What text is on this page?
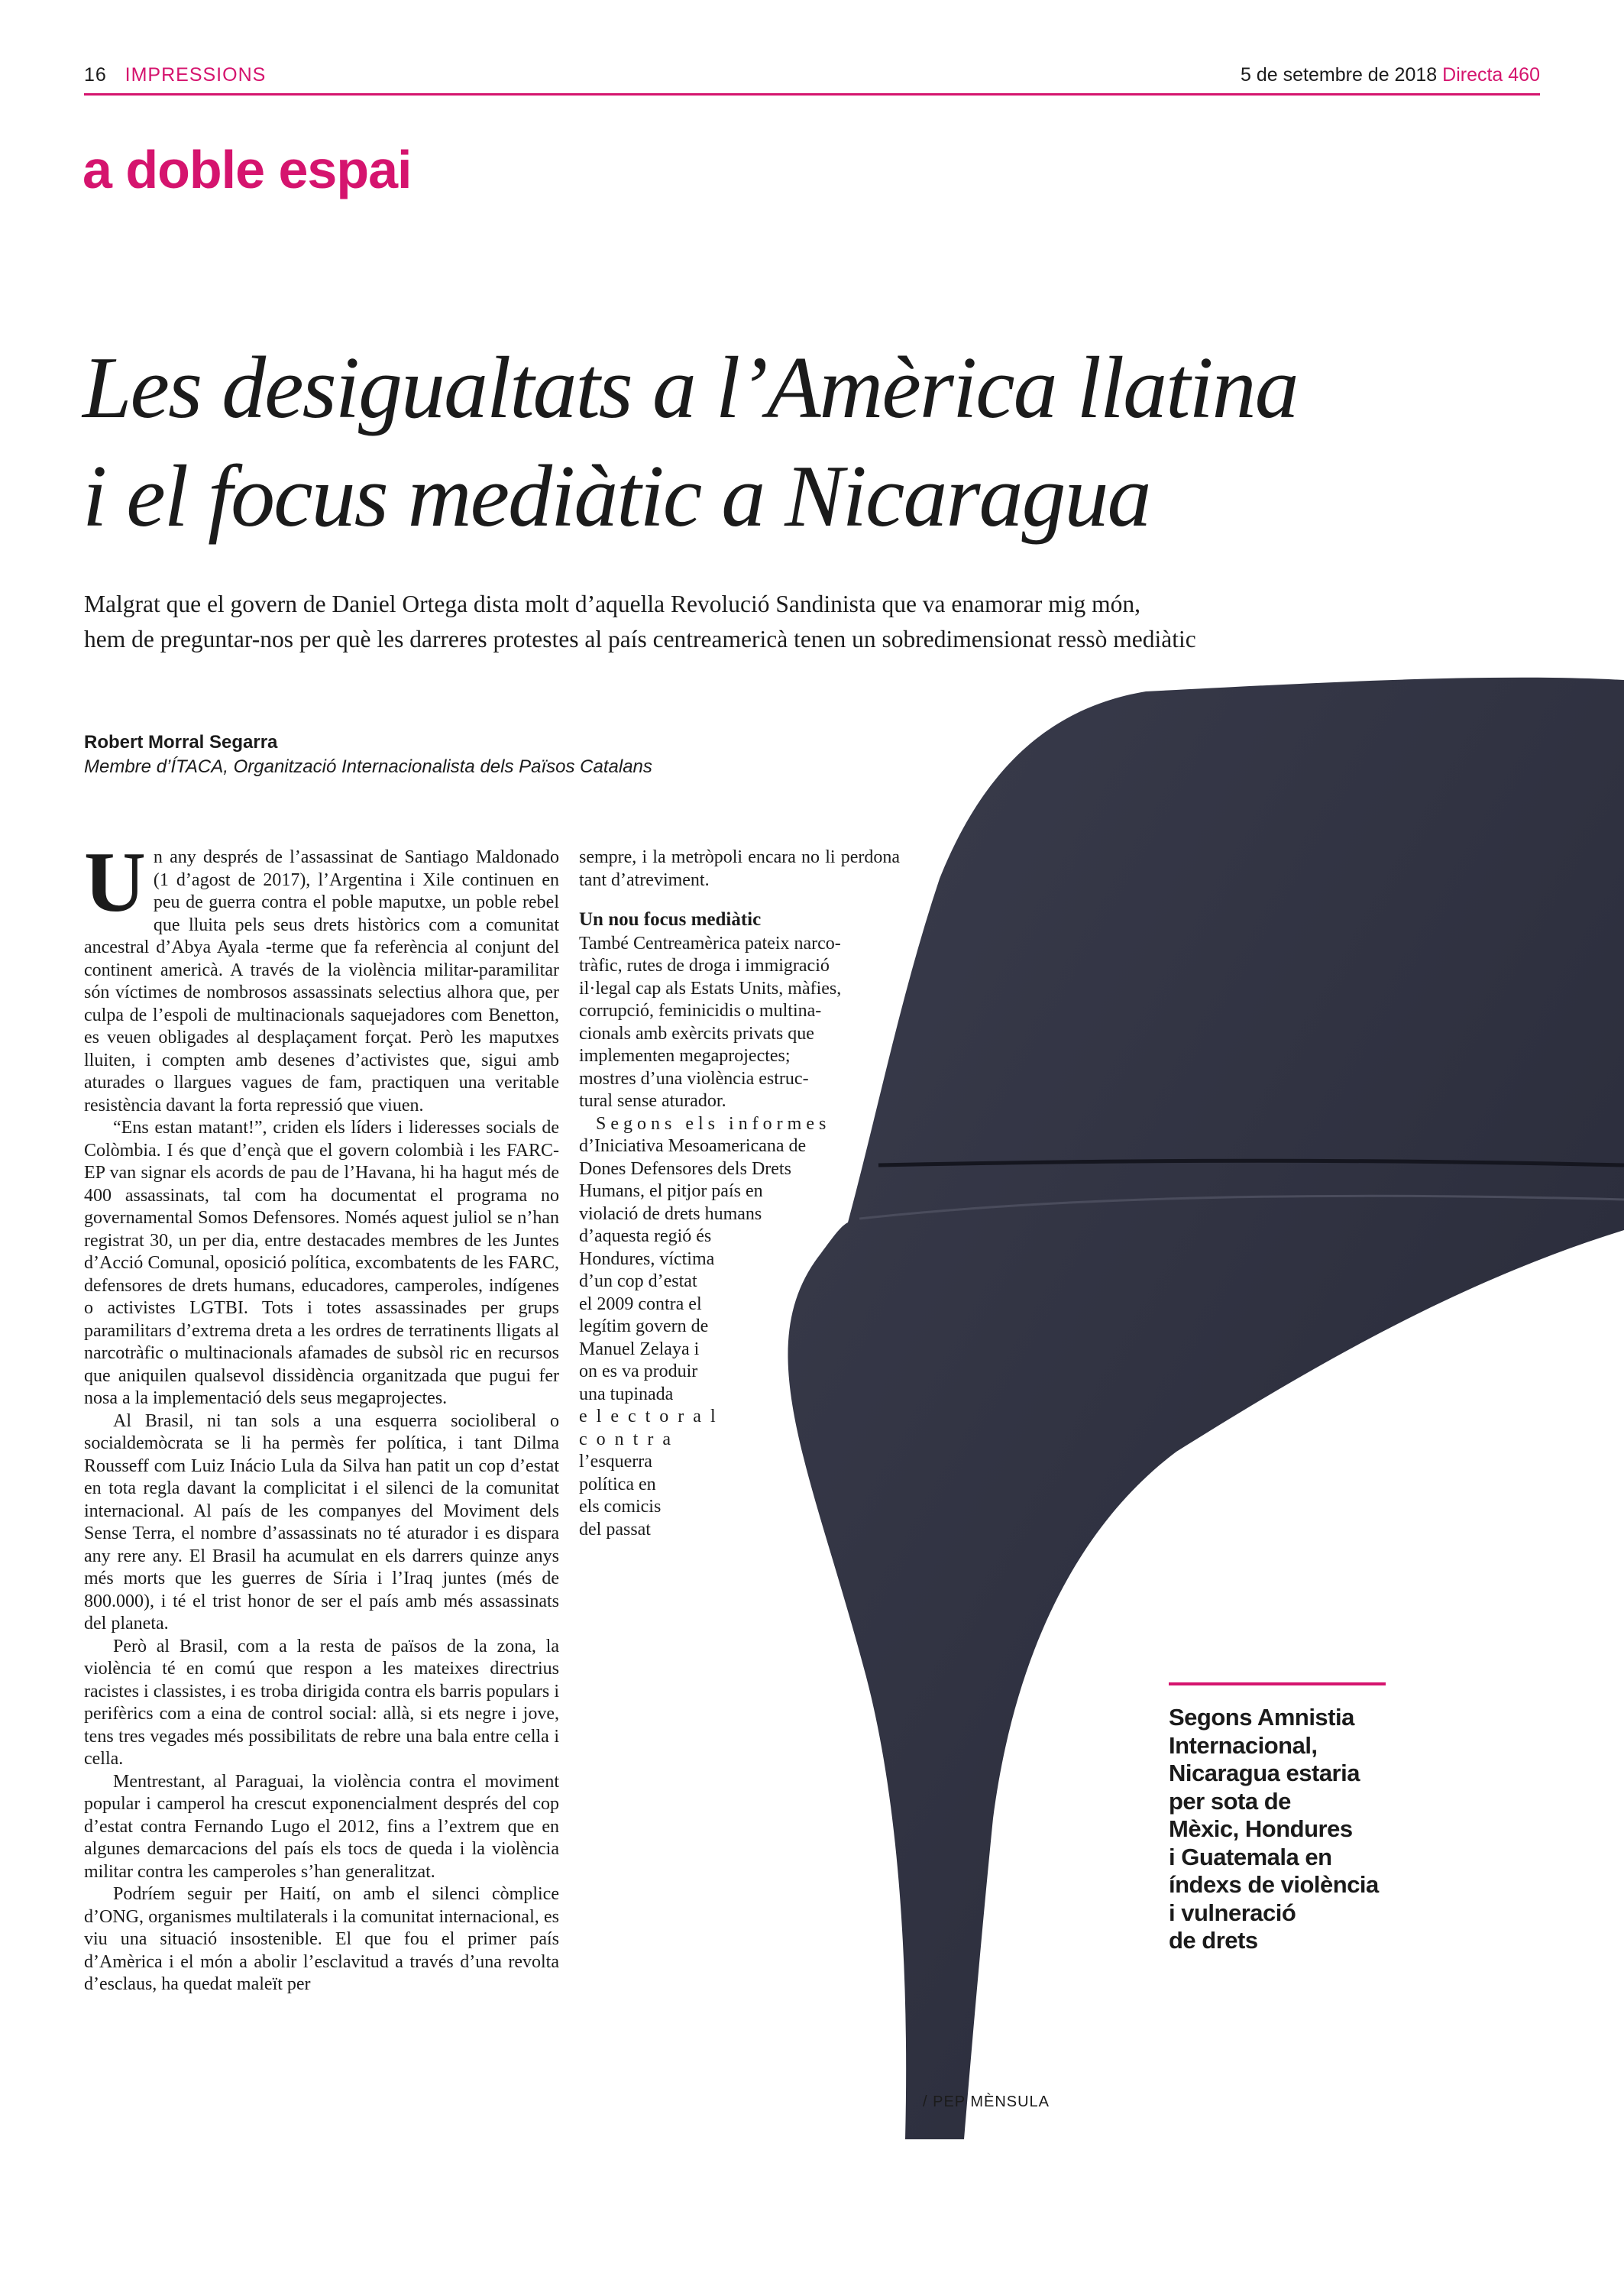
16 IMPRESSIONS	5 de setembre de 2018 Directa 460
a doble espai
Les desigualtats a l’Amèrica llatina
i el focus mediàtic a Nicaragua
Malgrat que el govern de Daniel Ortega dista molt d’aquella Revolució Sandinista que va enamorar mig món,
hem de preguntar-nos per què les darreres protestes al país centreamericà tenen un sobredimensionat ressò mediàtic
Robert Morral Segarra
Membre d’ÍTACA, Organització Internacionalista dels Països Catalans

Un any després de l’assassinat de Santiago Maldonado (1 d’agost de 2017), l’Argentina i Xile continuen en peu de guerra contra el poble maputxe, un poble rebel que lluita pels seus drets històrics com a comunitat ancestral d’Abya Ayala -terme que fa referència al conjunt del continent americà. A través de la violència militar-paramilitar són víctimes de nombrosos assassinats selectius alhora que, per culpa de l’espoli de multinacionals saquejadores com Benetton, es veuen obligades al desplaçament forçat. Però les maputxes lluiten, i compten amb desenes d’activistes que, sigui amb aturades o llargues vagues de fam, practiquen una veritable resistència davant la forta repressió que viuen.

“Ens estan matant!”, criden els líders i lideresses socials de Colòmbia. I és que d’ençà que el govern colombià i les FARC-EP van signar els acords de pau de l’Havana, hi ha hagut més de 400 assassinats, tal com ha documentat el programa no governamental Somos Defensores. Només aquest juliol se n’han registrat 30, un per dia, entre destacades membres de les Juntes d’Acció Comunal, oposició política, excombatents de les FARC, defensores de drets humans, educadores, camperoles, indígenes o activistes LGTBI. Tots i totes assassinades per grups paramilitars d’extrema dreta a les ordres de terratinents lligats al narcotràfic o multinacionals afamades de subsòl ric en recursos que aniquilen qualsevol dissidència organitzada que pugui fer nosa a la implementació dels seus megaprojectes.

Al Brasil, ni tan sols a una esquerra socioliberal o socialdemòcrata se li ha permès fer política, i tant Dilma Rousseff com Luiz Inácio Lula da Silva han patit un cop d’estat en tota regla davant la complicitat i el silenci de la comunitat internacional. Al país de les companyes del Moviment dels Sense Terra, el nombre d’assassinats no té aturador i es dispara any rere any. El Brasil ha acumulat en els darrers quinze anys més morts que les guerres de Síria i l’Iraq juntes (més de 800.000), i té el trist honor de ser el país amb més assassinats del planeta.

Però al Brasil, com a la resta de països de la zona, la violència té en comú que respon a les mateixes directrius racistes i classistes, i es troba dirigida contra els barris populars i perifèrics com a eina de control social: allà, si ets negre i jove, tens tres vegades més possibilitats de rebre una bala entre cella i cella.

Mentrestant, al Paraguai, la violència contra el moviment popular i camperol ha crescut exponencialment després del cop d’estat contra Fernando Lugo el 2012, fins a l’extrem que en algunes demarcacions del país els tocs de queda i la violència militar contra les camperoles s’han generalitzat.

Podríem seguir per Haití, on amb el silenci còmplice d’ONG, organismes multilaterals i la comunitat internacional, es viu una situació insostenible. El que fou el primer país d’Amèrica i el món a abolir l’esclavitud a través d’una revolta d’esclaus, ha quedat maleït per

sempre, i la metròpoli encara no li perdona tant d’atreviment.

Un nou focus mediàtic
També Centreamèrica pateix narco-
tràfic, rutes de droga i immigració
il·legal cap als Estats Units, màfies,
corrupció, feminicidis o multina-
cionals amb exèrcits privats que
implementen megaprojectes;
mostres d’una violència estruc-
tural sense aturador.
Segons els informes
d’Iniciativa Mesoamericana de
Dones Defensores dels Drets
Humans, el pitjor país en
violació de drets humans
d’aquesta regió és
Hondures, víctima
d’un cop d’estat
el 2009 contra el
legítim govern de
Manuel Zelaya i
on es va produir
una tupinada
electoral
contra
l’esquerra
política en
els comicis
del passat
Segons Amnistia
Internacional,
Nicaragua estaria
per sota de
Mèxic, Hondures
i Guatemala en
índexs de violència
i vulneració
de drets
/ PEP MÈNSULA
